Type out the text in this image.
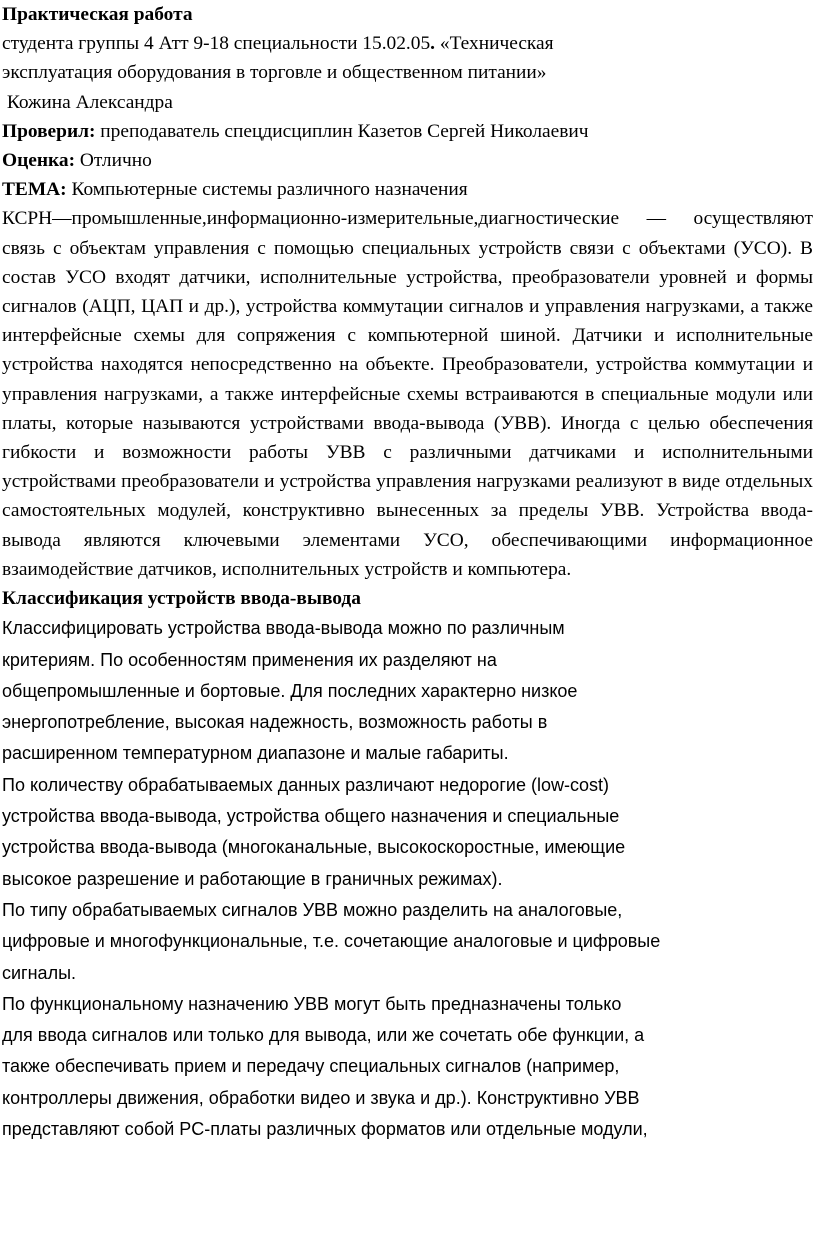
Практическая работа

студента группы 4 Атт 9-18 специальности 15.02.05. «Техническая

эксплуатация оборудования в торговле и общественном питании»

Кожина Александра

Проверил: преподаватель спецдисциплин Казетов Сергей Николаевич

Оценка: Отлично

ТЕМА: Компьютерные системы различного назначения

КСРН—промышленные,информационно-измерительные,диагностические — осуществляют связь с объектам управления с помощью специальных устройств связи с объектами (УСО). В состав УСО входят датчики, исполнительные устройства, преобразователи уровней и формы сигналов (АЦП, ЦАП и др.), устройства коммутации сигналов и управления нагрузками, а также интерфейсные схемы для сопряжения с компьютерной шиной. Датчики и исполнительные устройства находятся непосредственно на объекте. Преобразователи, устройства коммутации и управления нагрузками, а также интерфейсные схемы встраиваются в специальные модули или платы, которые называются устройствами ввода-вывода (УВВ). Иногда с целью обеспечения гибкости и возможности работы УВВ с различными датчиками и исполнительными устройствами преобразователи и устройства управления нагрузками реализуют в виде отдельных самостоятельных модулей, конструктивно вынесенных за пределы УВВ. Устройства ввода-вывода являются ключевыми элементами УСО, обеспечивающими информационное взаимодействие датчиков, исполнительных устройств и компьютера.

Классификация устройств ввода-вывода

Классифицировать устройства ввода-вывода можно по различным
критериям. По особенностям применения их разделяют на
общепромышленные и бортовые. Для последних характерно низкое
энергопотребление, высокая надежность, возможность работы в
расширенном температурном диапазоне и малые габариты.

По количеству обрабатываемых данных различают недорогие (low-cost)
устройства ввода-вывода, устройства общего назначения и специальные
устройства ввода-вывода (многоканальные, высокоскоростные, имеющие
высокое разрешение и работающие в граничных режимах).

По типу обрабатываемых сигналов УВВ можно разделить на аналоговые,
цифровые и многофункциональные, т.е. сочетающие аналоговые и цифровые
сигналы.

По функциональному назначению УВВ могут быть предназначены только
для ввода сигналов или только для вывода, или же сочетать обе функции, а
также обеспечивать прием и передачу специальных сигналов (например,
контроллеры движения, обработки видео и звука и др.). Конструктивно УВВ
представляют собой PC-платы различных форматов или отдельные модули,
